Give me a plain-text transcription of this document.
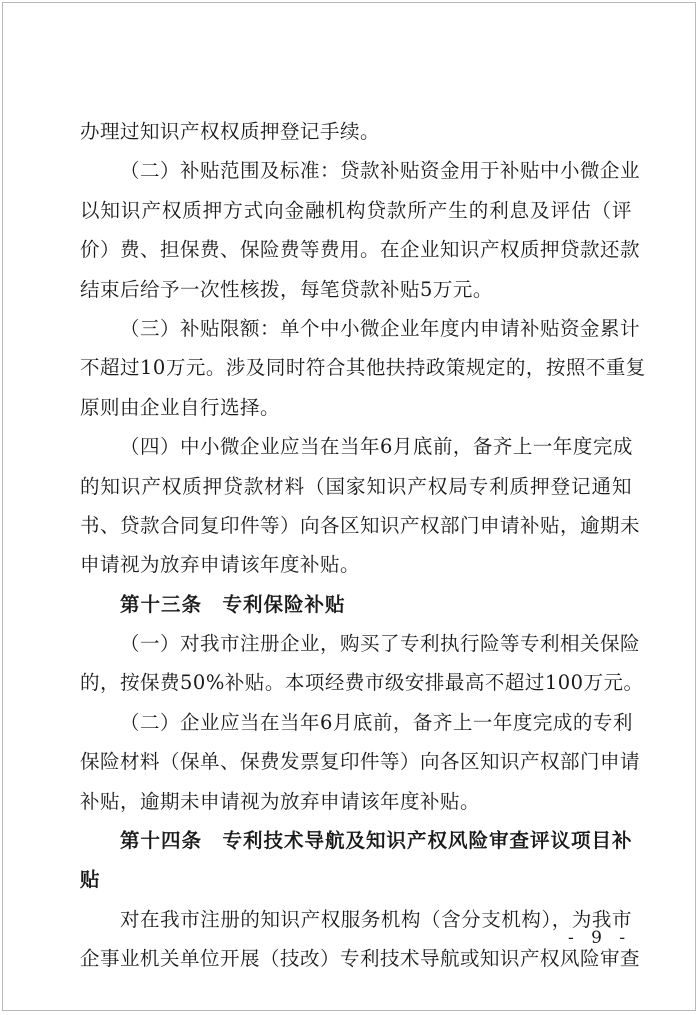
办理过知识产权权质押登记手续。
（二）补贴范围及标准：贷款补贴资金用于补贴中小微企业
以知识产权质押方式向金融机构贷款所产生的利息及评估（评
价）费、担保费、保险费等费用。在企业知识产权质押贷款还款
结束后给予一次性核拨，每笔贷款补贴5万元。
（三）补贴限额：单个中小微企业年度内申请补贴资金累计
不超过10万元。涉及同时符合其他扶持政策规定的，按照不重复
原则由企业自行选择。
（四）中小微企业应当在当年6月底前，备齐上一年度完成
的知识产权质押贷款材料（国家知识产权局专利质押登记通知
书、贷款合同复印件等）向各区知识产权部门申请补贴，逾期未
申请视为放弃申请该年度补贴。
第十三条　专利保险补贴
（一）对我市注册企业，购买了专利执行险等专利相关保险
的，按保费50%补贴。本项经费市级安排最高不超过100万元。
（二）企业应当在当年6月底前，备齐上一年度完成的专利
保险材料（保单、保费发票复印件等）向各区知识产权部门申请
补贴，逾期未申请视为放弃申请该年度补贴。
第十四条　专利技术导航及知识产权风险审查评议项目补
贴
对在我市注册的知识产权服务机构（含分支机构），为我市
企事业机关单位开展（技改）专利技术导航或知识产权风险审查
- 9 -
